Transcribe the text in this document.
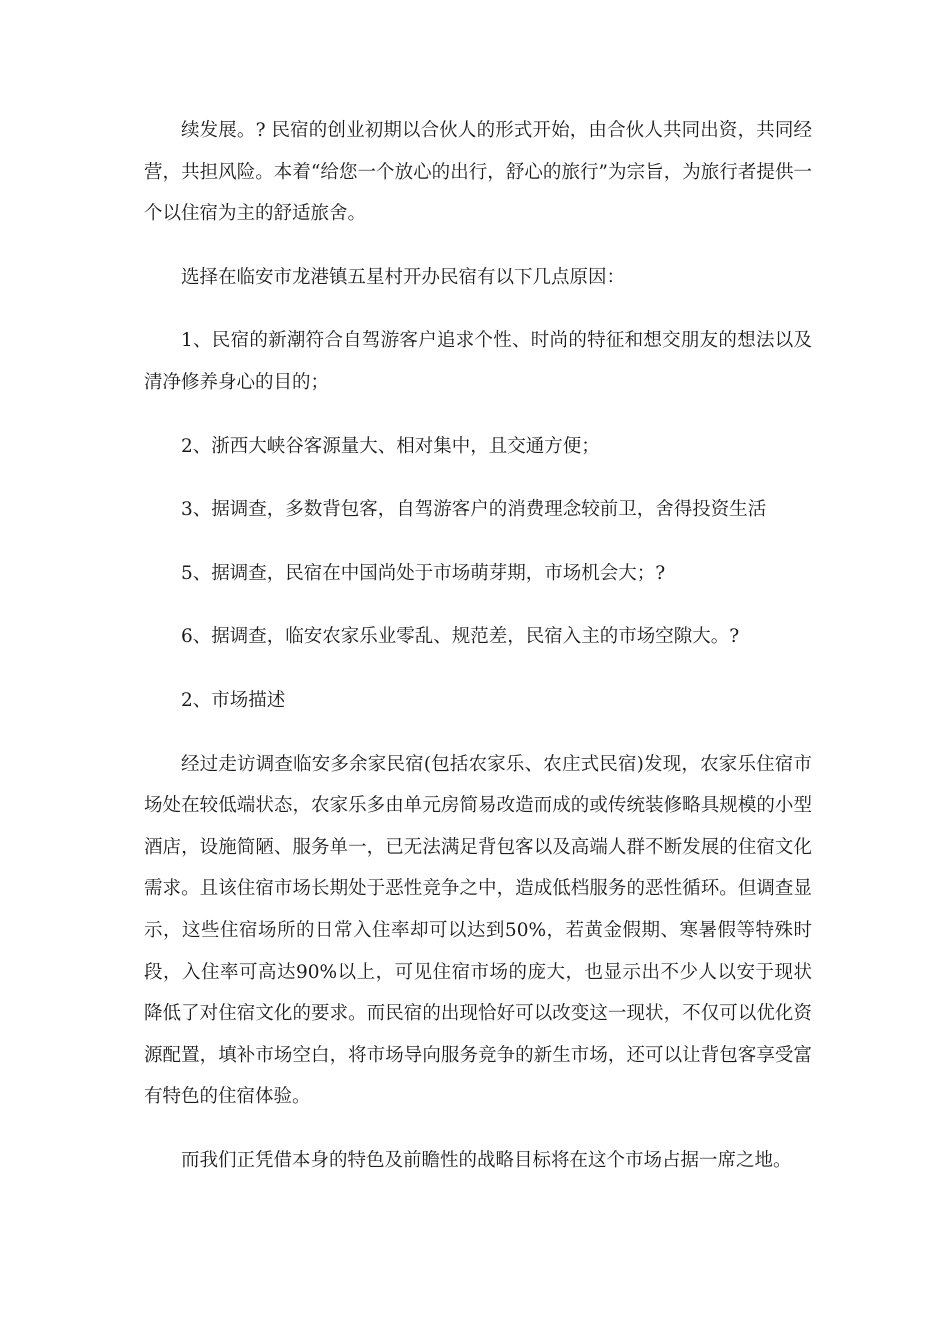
续发展。? 民宿的创业初期以合伙人的形式开始，由合伙人共同出资，共同经营，共担风险。本着“给您一个放心的出行，舒心的旅行”为宗旨，为旅行者提供一个以住宿为主的舒适旅舍。

选择在临安市龙港镇五星村开办民宿有以下几点原因：

1、民宿的新潮符合自驾游客户追求个性、时尚的特征和想交朋友的想法以及清净修养身心的目的；

2、浙西大峡谷客源量大、相对集中，且交通方便；

3、据调查，多数背包客，自驾游客户的消费理念较前卫，舍得投资生活

5、据调查，民宿在中国尚处于市场萌芽期，市场机会大；?

6、据调查，临安农家乐业零乱、规范差，民宿入主的市场空隙大。?

2、市场描述

经过走访调查临安多余家民宿(包括农家乐、农庄式民宿)发现，农家乐住宿市场处在较低端状态，农家乐多由单元房简易改造而成的或传统装修略具规模的小型酒店，设施简陋、服务单一，已无法满足背包客以及高端人群不断发展的住宿文化需求。且该住宿市场长期处于恶性竞争之中，造成低档服务的恶性循环。但调查显示，这些住宿场所的日常入住率却可以达到50%，若黄金假期、寒暑假等特殊时段，入住率可高达90%以上，可见住宿市场的庞大，也显示出不少人以安于现状降低了对住宿文化的要求。而民宿的出现恰好可以改变这一现状，不仅可以优化资源配置，填补市场空白，将市场导向服务竞争的新生市场，还可以让背包客享受富有特色的住宿体验。

而我们正凭借本身的特色及前瞻性的战略目标将在这个市场占据一席之地。
